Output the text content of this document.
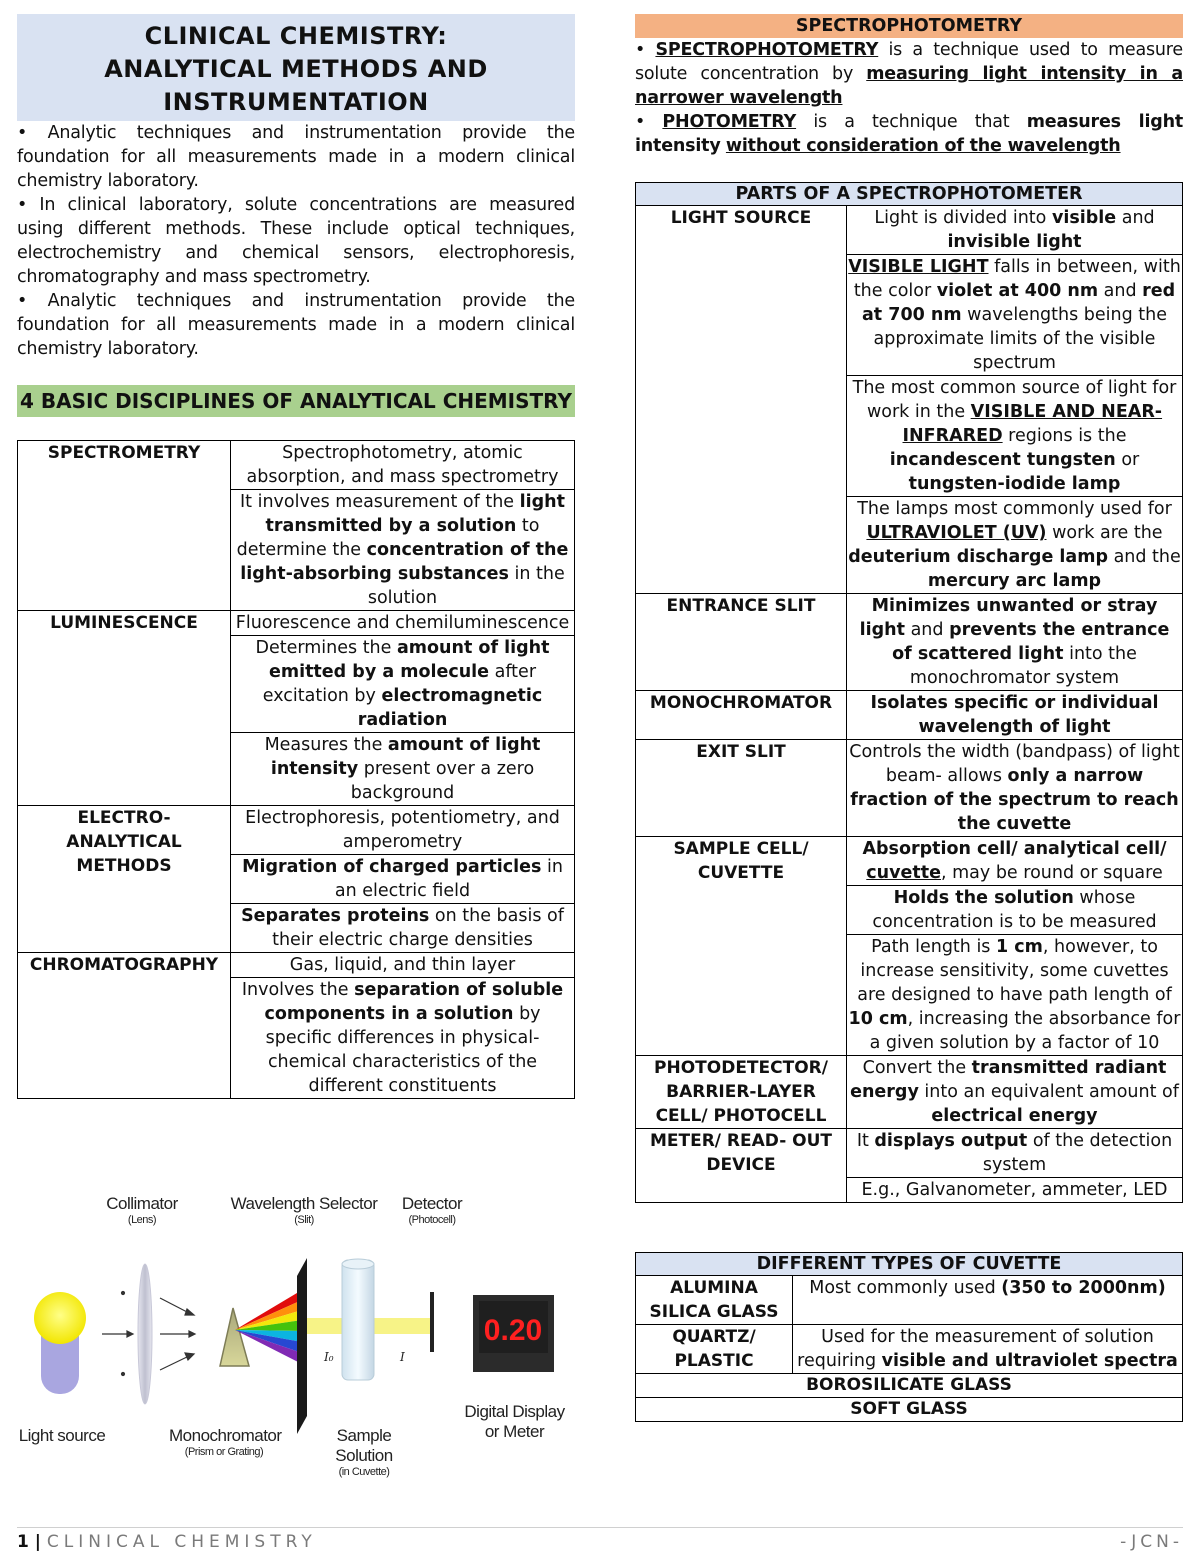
CLINICAL CHEMISTRY:
ANALYTICAL METHODS AND
INSTRUMENTATION

• Analytic techniques and instrumentation provide the foundation for all measurements made in a modern clinical chemistry laboratory.

• In clinical laboratory, solute concentrations are measured using different methods. These include optical techniques, electrochemistry and chemical sensors, electrophoresis, chromatography and mass spectrometry.

• Analytic techniques and instrumentation provide the foundation for all measurements made in a modern clinical chemistry laboratory.

4 BASIC DISCIPLINES OF ANALYTICAL CHEMISTRY
SPECTROMETRY	Spectrophotometry, atomic absorption, and mass spectrometry
	It involves measurement of the light transmitted by a solution to determine the concentration of the light-absorbing substances in the solution
LUMINESCENCE	Fluorescence and chemiluminescence
	Determines the amount of light emitted by a molecule after excitation by electromagnetic radiation
	Measures the amount of light intensity present over a zero background

ELECTRO-
ANALYTICAL
METHODS	Electrophoresis, potentiometry, and amperometry
	Migration of charged particles in an electric field
	Separates proteins on the basis of their electric charge densities
CHROMATOGRAPHY	Gas, liquid, and thin layer
	Involves the separation of soluble components in a solution by specific differences in physical-chemical characteristics of the different constituents
0.20
I₀	I
Collimator
(Lens)
Wavelength Selector
(Slit)
Detector
(Photocell)
Light source	Monochromator
(Prism or Grating)
Sample
Solution
(in Cuvette)
Digital Display
or Meter
SPECTROPHOTOMETRY

• SPECTROPHOTOMETRY is a technique used to measure solute concentration by measuring light intensity in a narrower wavelength

• PHOTOMETRY is a technique that measures light intensity without consideration of the wavelength

PARTS OF A SPECTROPHOTOMETER	
LIGHT SOURCE	Light is divided into visible and invisible light
	VISIBLE LIGHT falls in between, with the color violet at 400 nm and red at 700 nm wavelengths being the approximate limits of the visible spectrum
	The most common source of light for work in the VISIBLE AND NEAR-INFRARED regions is the incandescent tungsten or tungsten-iodide lamp
	The lamps most commonly used for ULTRAVIOLET (UV) work are the deuterium discharge lamp and the mercury arc lamp
ENTRANCE SLIT	Minimizes unwanted or stray light and prevents the entrance of scattered light into the monochromator system
MONOCHROMATOR	Isolates specific or individual wavelength of light
EXIT SLIT	Controls the width (bandpass) of light beam- allows only a narrow fraction of the spectrum to reach the cuvette

SAMPLE CELL/
CUVETTE	Absorption cell/ analytical cell/ cuvette, may be round or square
	Holds the solution whose concentration is to be measured
	Path length is 1 cm, however, to increase sensitivity, some cuvettes are designed to have path length of 10 cm, increasing the absorbance for a given solution by a factor of 10

PHOTODETECTOR/
BARRIER-LAYER
CELL/ PHOTOCELL	Convert the transmitted radiant energy into an equivalent amount of electrical energy

METER/ READ- OUT
DEVICE	It displays output of the detection system
	E.g., Galvanometer, ammeter, LED
DIFFERENT TYPES OF CUVETTE	

ALUMINA
SILICA GLASS	Most commonly used (350 to 2000nm)

QUARTZ/
PLASTIC	Used for the measurement of solution requiring visible and ultraviolet spectra
BOROSILICATE GLASS	
SOFT GLASS	
1 | CLINICAL CHEMISTRY	-JCN-
